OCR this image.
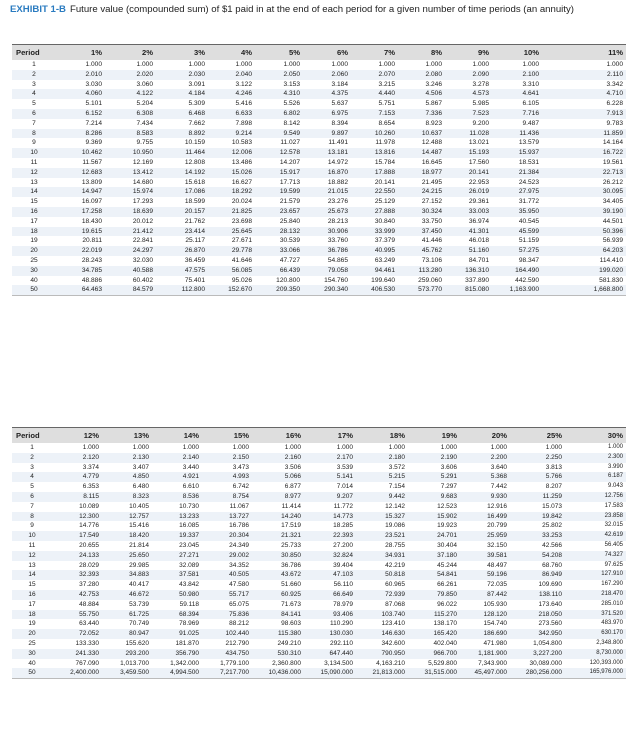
EXHIBIT 1-B Future value (compounded sum) of $1 paid in at the end of each period for a given number of time periods (an annuity)
Period	1%	2%	3%	4%	5%	6%	7%	8%	9%	10%	11%
1	1.000	1.000	1.000	1.000	1.000	1.000	1.000	1.000	1.000	1.000	1.000
2	2.010	2.020	2.030	2.040	2.050	2.060	2.070	2.080	2.090	2.100	2.110
3	3.030	3.060	3.091	3.122	3.153	3.184	3.215	3.246	3.278	3.310	3.342
4	4.060	4.122	4.184	4.246	4.310	4.375	4.440	4.506	4.573	4.641	4.710
5	5.101	5.204	5.309	5.416	5.526	5.637	5.751	5.867	5.985	6.105	6.228
6	6.152	6.308	6.468	6.633	6.802	6.975	7.153	7.336	7.523	7.716	7.913
7	7.214	7.434	7.662	7.898	8.142	8.394	8.654	8.923	9.200	9.487	9.783
8	8.286	8.583	8.892	9.214	9.549	9.897	10.260	10.637	11.028	11.436	11.859
9	9.369	9.755	10.159	10.583	11.027	11.491	11.978	12.488	13.021	13.579	14.164
10	10.462	10.950	11.464	12.006	12.578	13.181	13.816	14.487	15.193	15.937	16.722
11	11.567	12.169	12.808	13.486	14.207	14.972	15.784	16.645	17.560	18.531	19.561
12	12.683	13.412	14.192	15.026	15.917	16.870	17.888	18.977	20.141	21.384	22.713
13	13.809	14.680	15.618	16.627	17.713	18.882	20.141	21.495	22.953	24.523	26.212
14	14.947	15.974	17.086	18.292	19.599	21.015	22.550	24.215	26.019	27.975	30.095
15	16.097	17.293	18.599	20.024	21.579	23.276	25.129	27.152	29.361	31.772	34.405
16	17.258	18.639	20.157	21.825	23.657	25.673	27.888	30.324	33.003	35.950	39.190
17	18.430	20.012	21.762	23.698	25.840	28.213	30.840	33.750	36.974	40.545	44.501
18	19.615	21.412	23.414	25.645	28.132	30.906	33.999	37.450	41.301	45.599	50.396
19	20.811	22.841	25.117	27.671	30.539	33.760	37.379	41.446	46.018	51.159	56.939
20	22.019	24.297	26.870	29.778	33.066	36.786	40.995	45.762	51.160	57.275	64.203
25	28.243	32.030	36.459	41.646	47.727	54.865	63.249	73.106	84.701	98.347	114.410
30	34.785	40.588	47.575	56.085	66.439	79.058	94.461	113.280	136.310	164.490	199.020
40	48.886	60.402	75.401	95.026	120.800	154.760	199.640	259.060	337.890	442.590	581.830
50	64.463	84.579	112.800	152.670	209.350	290.340	406.530	573.770	815.080	1,163.900	1,668.800
Period	12%	13%	14%	15%	16%	17%	18%	19%	20%	25%	30%
1	1.000	1.000	1.000	1.000	1.000	1.000	1.000	1.000	1.000	1.000	1.000
2	2.120	2.130	2.140	2.150	2.160	2.170	2.180	2.190	2.200	2.250	2.300
3	3.374	3.407	3.440	3.473	3.506	3.539	3.572	3.606	3.640	3.813	3.990
4	4.779	4.850	4.921	4.993	5.066	5.141	5.215	5.291	5.368	5.766	6.187
5	6.353	6.480	6.610	6.742	6.877	7.014	7.154	7.297	7.442	8.207	9.043
6	8.115	8.323	8.536	8.754	8.977	9.207	9.442	9.683	9.930	11.259	12.756
7	10.089	10.405	10.730	11.067	11.414	11.772	12.142	12.523	12.916	15.073	17.583
8	12.300	12.757	13.233	13.727	14.240	14.773	15.327	15.902	16.499	19.842	23.858
9	14.776	15.416	16.085	16.786	17.519	18.285	19.086	19.923	20.799	25.802	32.015
10	17.549	18.420	19.337	20.304	21.321	22.393	23.521	24.701	25.959	33.253	42.619
11	20.655	21.814	23.045	24.349	25.733	27.200	28.755	30.404	32.150	42.566	56.405
12	24.133	25.650	27.271	29.002	30.850	32.824	34.931	37.180	39.581	54.208	74.327
13	28.029	29.985	32.089	34.352	36.786	39.404	42.219	45.244	48.497	68.760	97.625
14	32.393	34.883	37.581	40.505	43.672	47.103	50.818	54.841	59.196	86.949	127.910
15	37.280	40.417	43.842	47.580	51.660	56.110	60.965	66.261	72.035	109.690	167.290
16	42.753	46.672	50.980	55.717	60.925	66.649	72.939	79.850	87.442	138.110	218.470
17	48.884	53.739	59.118	65.075	71.673	78.979	87.068	96.022	105.930	173.640	285.010
18	55.750	61.725	68.394	75.836	84.141	93.406	103.740	115.270	128.120	218.050	371.520
19	63.440	70.749	78.969	88.212	98.603	110.290	123.410	138.170	154.740	273.560	483.970
20	72.052	80.947	91.025	102.440	115.380	130.030	146.630	165.420	186.690	342.950	630.170
25	133.330	155.620	181.870	212.790	249.210	292.110	342.600	402.040	471.980	1,054.800	2,348.800
30	241.330	293.200	356.790	434.750	530.310	647.440	790.950	966.700	1,181.900	3,227.200	8,730.000
40	767.090	1,013.700	1,342.000	1,779.100	2,360.800	3,134.500	4,163.210	5,529.800	7,343.900	30,089.000	120,393.000
50	2,400.000	3,459.500	4,994.500	7,217.700	10,436.000	15,090.000	21,813.000	31,515.000	45,497.000	280,256.000	165,976.000
